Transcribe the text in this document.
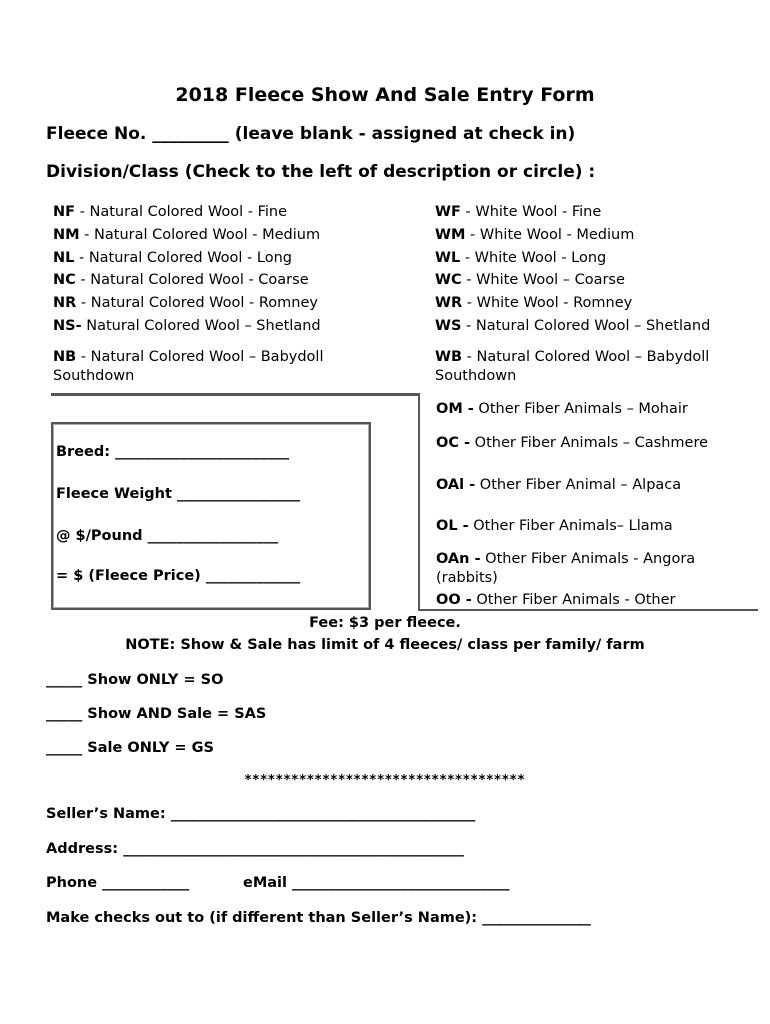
2018 Fleece Show And Sale Entry Form
Fleece No. _________ (leave blank - assigned at check in)
Division/Class (Check to the left of description or circle) :
NF - Natural Colored Wool - Fine
NM - Natural Colored Wool - Medium
NL - Natural Colored Wool - Long
NC - Natural Colored Wool - Coarse
NR - Natural Colored Wool - Romney
NS- Natural Colored Wool – Shetland
NB - Natural Colored Wool – Babydoll Southdown
WF - White Wool - Fine
WM - White Wool - Medium
WL - White Wool - Long
WC - White Wool – Coarse
WR - White Wool - Romney
WS - Natural Colored Wool – Shetland
WB - Natural Colored Wool – Babydoll Southdown
OM - Other Fiber Animals – Mohair
OC - Other Fiber Animals – Cashmere
OAl - Other Fiber Animal – Alpaca
OL - Other Fiber Animals– Llama
OAn - Other Fiber Animals - Angora (rabbits)
OO - Other Fiber Animals - Other
Breed: ________________________
Fleece Weight _________________
@ $/Pound __________________
= $ (Fleece Price) _____________
Fee: $3 per fleece.
NOTE: Show & Sale has limit of 4 fleeces/ class per family/ farm
_____ Show ONLY = SO
_____ Show AND Sale = SAS
_____ Sale ONLY = GS
************************************
Seller’s Name: __________________________________________
Address: _______________________________________________
Phone ____________	eMail ______________________________
Make checks out to (if different than Seller’s Name): _______________
